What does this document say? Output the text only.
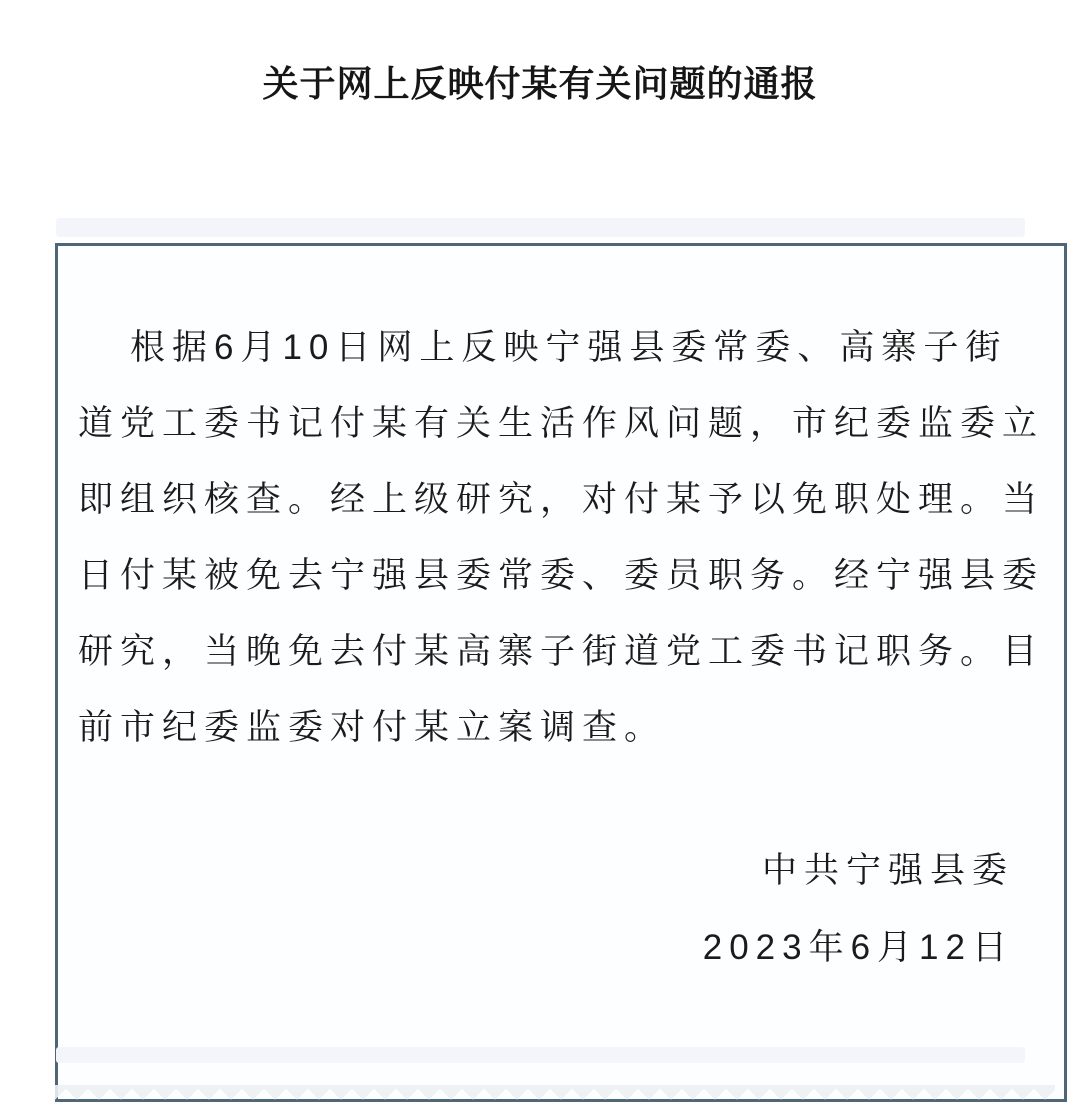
关于网上反映付某有关问题的通报
根据6月10日网上反映宁强县委常委、高寨子街
道党工委书记付某有关生活作风问题，市纪委监委立
即组织核查。经上级研究，对付某予以免职处理。当
日付某被免去宁强县委常委、委员职务。经宁强县委
研究，当晚免去付某高寨子街道党工委书记职务。目
前市纪委监委对付某立案调查。
中共宁强县委
2023年6月12日
